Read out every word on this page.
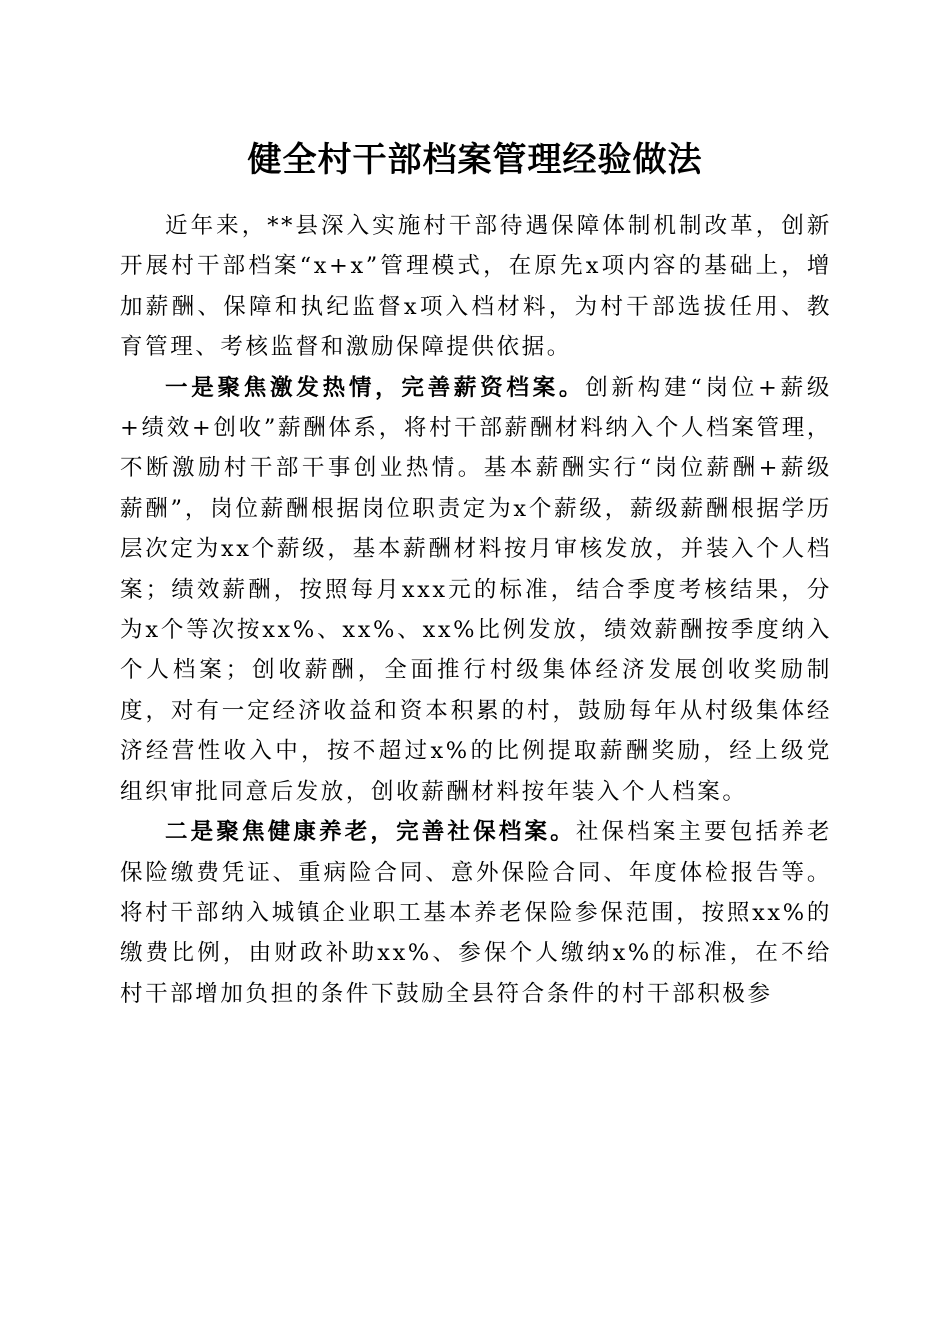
健全村干部档案管理经验做法

近年来，**县深入实施村干部待遇保障体制机制改革，创新开展村干部档案“x+x”管理模式，在原先x项内容的基础上，增加薪酬、保障和执纪监督x项入档材料，为村干部选拔任用、教育管理、考核监督和激励保障提供依据。

一是聚焦激发热情，完善薪资档案。创新构建“岗位+薪级+绩效+创收”薪酬体系，将村干部薪酬材料纳入个人档案管理，不断激励村干部干事创业热情。基本薪酬实行“岗位薪酬+薪级薪酬”，岗位薪酬根据岗位职责定为x个薪级，薪级薪酬根据学历层次定为xx个薪级，基本薪酬材料按月审核发放，并装入个人档案；绩效薪酬，按照每月xxx元的标准，结合季度考核结果，分为x个等次按xx%、xx%、xx%比例发放，绩效薪酬按季度纳入个人档案；创收薪酬，全面推行村级集体经济发展创收奖励制度，对有一定经济收益和资本积累的村，鼓励每年从村级集体经济经营性收入中，按不超过x%的比例提取薪酬奖励，经上级党组织审批同意后发放，创收薪酬材料按年装入个人档案。

二是聚焦健康养老，完善社保档案。社保档案主要包括养老保险缴费凭证、重病险合同、意外保险合同、年度体检报告等。将村干部纳入城镇企业职工基本养老保险参保范围，按照xx%的缴费比例，由财政补助xx%、参保个人缴纳x%的标准，在不给村干部增加负担的条件下鼓励全县符合条件的村干部积极参
